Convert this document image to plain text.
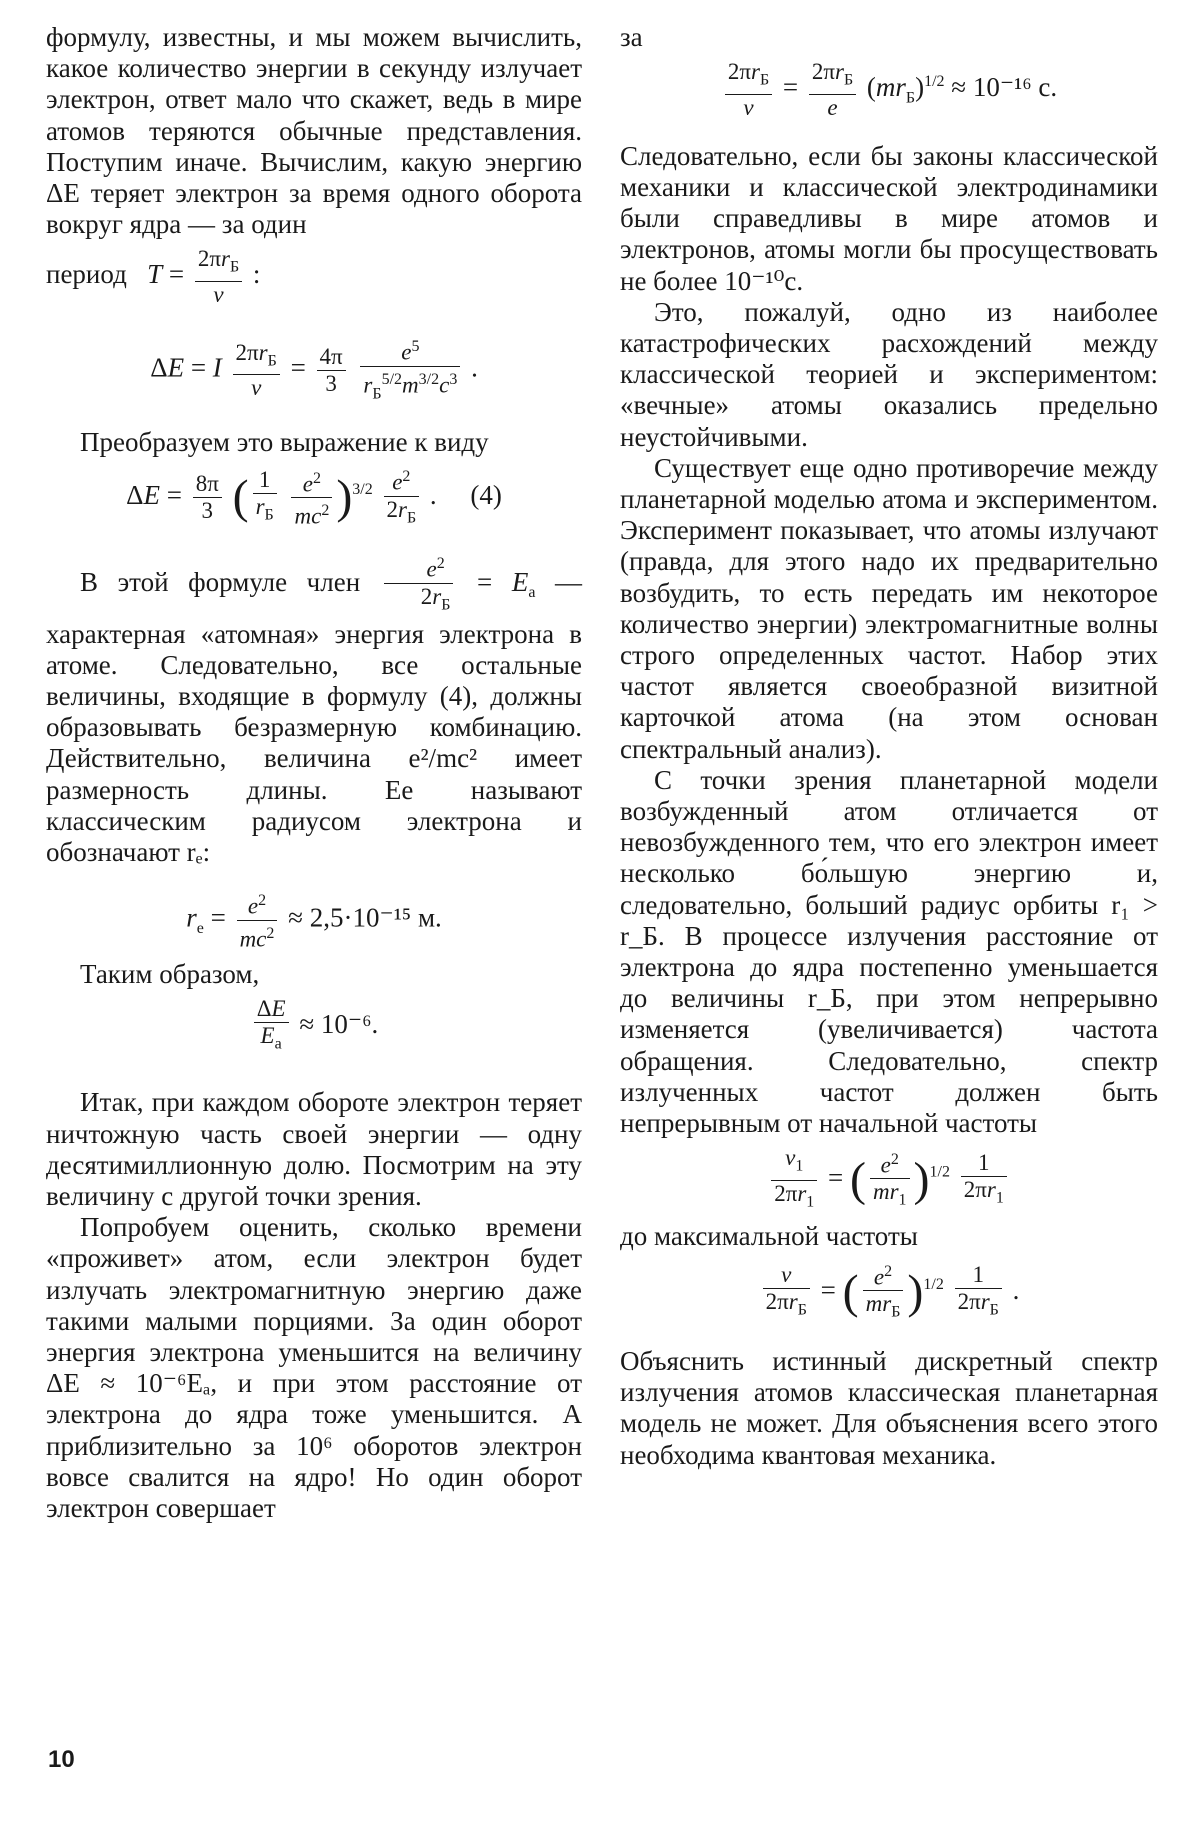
формулу, известны, и мы можем вычислить, какое количество энергии в секунду излучает электрон, ответ мало что скажет, ведь в мире атомов теряются обычные представления. Поступим иначе. Вычислим, какую энергию ΔE теряет электрон за время одного оборота вокруг ядра — за один

период $T = \frac{2\pi r_Б}{v}$ :
ΔE = I $\frac{2\pi r_Б}{v} = \frac{4\pi}{3}$
$\frac{e^5}{r_Б^{5/2}m^{3/2}c^3}$ .

Преобразуем это выражение к виду

$\Delta E = \frac{8\pi}{3}$ ( $\frac{1}{r_Б}$
$\frac{e^2}{mc^2} )^{3/2} \frac{e^2}{2r_Б}$ .     (4)

В этой формуле член $\frac{e^2}{2r_Б} = E_а$ — характерная «атомная» энергия электрона в атоме. Следовательно, все остальные величины, входящие в формулу (4), должны образовывать безразмерную комбинацию. Действительно, величина e²/mc² имеет размерность длины. Ее называют классическим радиусом электрона и обозначают rₑ:

$r_e = \frac{e^2}{mc^2} \approx 2,5\cdot 10^{-15}$ м.

Таким образом,

$\frac{\Delta E}{E_а} \approx 10^{-6}$.

Итак, при каждом обороте электрон теряет ничтожную часть своей энергии — одну десятимиллионную долю. Посмотрим на эту величину с другой точки зрения.

Попробуем оценить, сколько времени «проживет» атом, если электрон будет излучать электромагнитную энергию даже такими малыми порциями. За один оборот энергия электрона уменьшится на величину ΔE ≈ 10⁻⁶Eₐ, и при этом расстояние от электрона до ядра тоже уменьшится. А приблизительно за 10⁶ оборотов электрон вовсе свалится на ядро! Но один оборот электрон совершает

за

$\frac{2\pi r_Б}{v} = \frac{2\pi r_Б}{e} (mr_Б)^{1/2} \approx 10^{-16}$ с.

Следовательно, если бы законы классической механики и классической электродинамики были справедливы в мире атомов и электронов, атомы могли бы просуществовать не более 10⁻¹⁰с.

Это, пожалуй, одно из наиболее катастрофических расхождений между классической теорией и экспериментом: «вечные» атомы оказались предельно неустойчивыми.

Существует еще одно противоречие между планетарной моделью атома и экспериментом. Эксперимент показывает, что атомы излучают (правда, для этого надо их предварительно возбудить, то есть передать им некоторое количество энергии) электромагнитные волны строго определенных частот. Набор этих частот является своеобразной визитной карточкой атома (на этом основан спектральный анализ).

С точки зрения планетарной модели возбужденный атом отличается от невозбужденного тем, что его электрон имеет несколько бо́льшую энергию и, следовательно, больший радиус орбиты r₁ > r_Б. В процессе излучения расстояние от электрона до ядра постепенно уменьшается до величины r_Б, при этом непрерывно изменяется (увеличивается) частота обращения. Следовательно, спектр излученных частот должен быть непрерывным от начальной частоты

$\frac{v_1}{2\pi r_1}$ = ( $\frac{e^2}{mr_1} )^{1/2} \frac{1}{2\pi r_1}$

до максимальной частоты

$\frac{v}{2\pi r_Б}$ = ( $\frac{e^2}{mr_Б} )^{1/2} \frac{1}{2\pi r_Б}$ .

Объяснить истинный дискретный спектр излучения атомов классическая планетарная модель не может. Для объяснения всего этого необходима квантовая механика.

10
